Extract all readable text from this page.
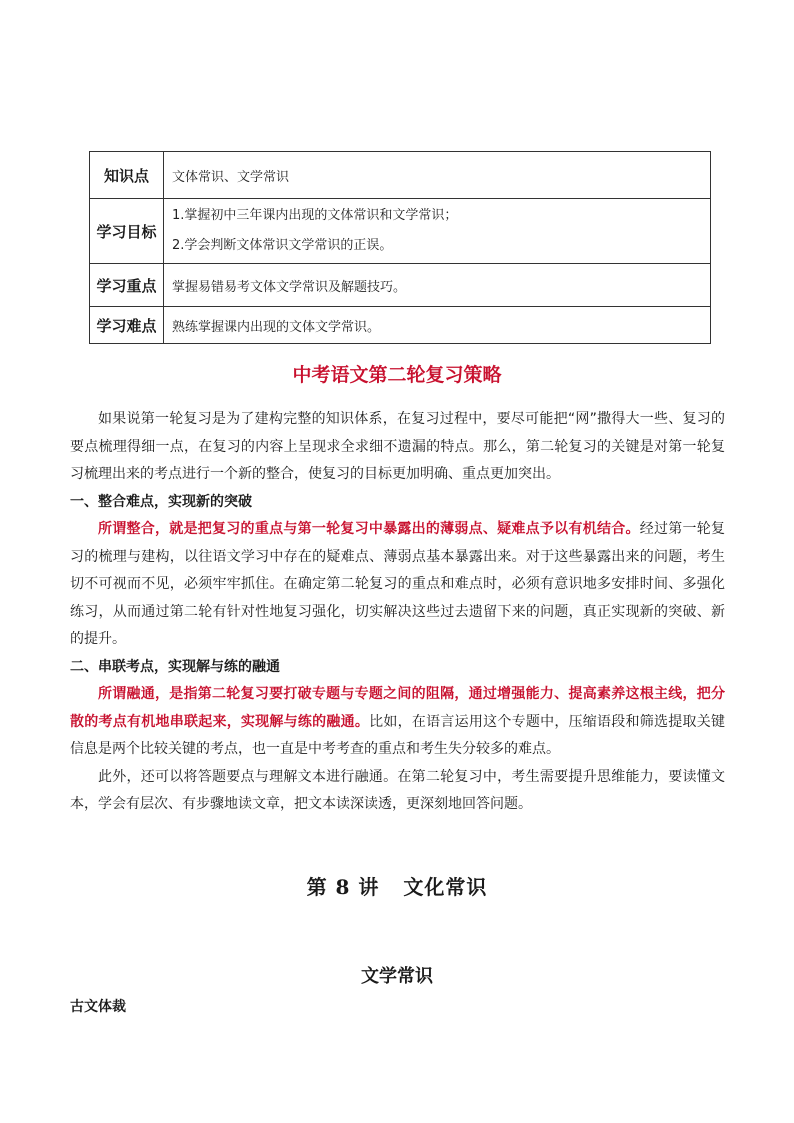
知识点	文体常识、文学常识
学习目标	1.掌握初中三年课内出现的文体常识和文学常识；
2.学会判断文体常识文学常识的正误。

学习重点	掌握易错易考文体文学常识及解题技巧。
学习难点	熟练掌握课内出现的文体文学常识。
中考语文第二轮复习策略

如果说第一轮复习是为了建构完整的知识体系，在复习过程中，要尽可能把“网”撒得大一些、复习的要点梳理得细一点，在复习的内容上呈现求全求细不遗漏的特点。那么，第二轮复习的关键是对第一轮复习梳理出来的考点进行一个新的整合，使复习的目标更加明确、重点更加突出。

一、整合难点，实现新的突破

所谓整合，就是把复习的重点与第一轮复习中暴露出的薄弱点、疑难点予以有机结合。经过第一轮复习的梳理与建构，以往语文学习中存在的疑难点、薄弱点基本暴露出来。对于这些暴露出来的问题，考生切不可视而不见，必须牢牢抓住。在确定第二轮复习的重点和难点时，必须有意识地多安排时间、多强化练习，从而通过第二轮有针对性地复习强化，切实解决这些过去遗留下来的问题，真正实现新的突破、新的提升。

二、串联考点，实现解与练的融通

所谓融通，是指第二轮复习要打破专题与专题之间的阻隔，通过增强能力、提高素养这根主线，把分散的考点有机地串联起来，实现解与练的融通。比如，在语言运用这个专题中，压缩语段和筛选提取关键信息是两个比较关键的考点，也一直是中考考查的重点和考生失分较多的难点。

此外，还可以将答题要点与理解文本进行融通。在第二轮复习中，考生需要提升思维能力，要读懂文本，学会有层次、有步骤地读文章，把文本读深读透，更深刻地回答问题。

第 8 讲 文化常识
文学常识
古文体裁
